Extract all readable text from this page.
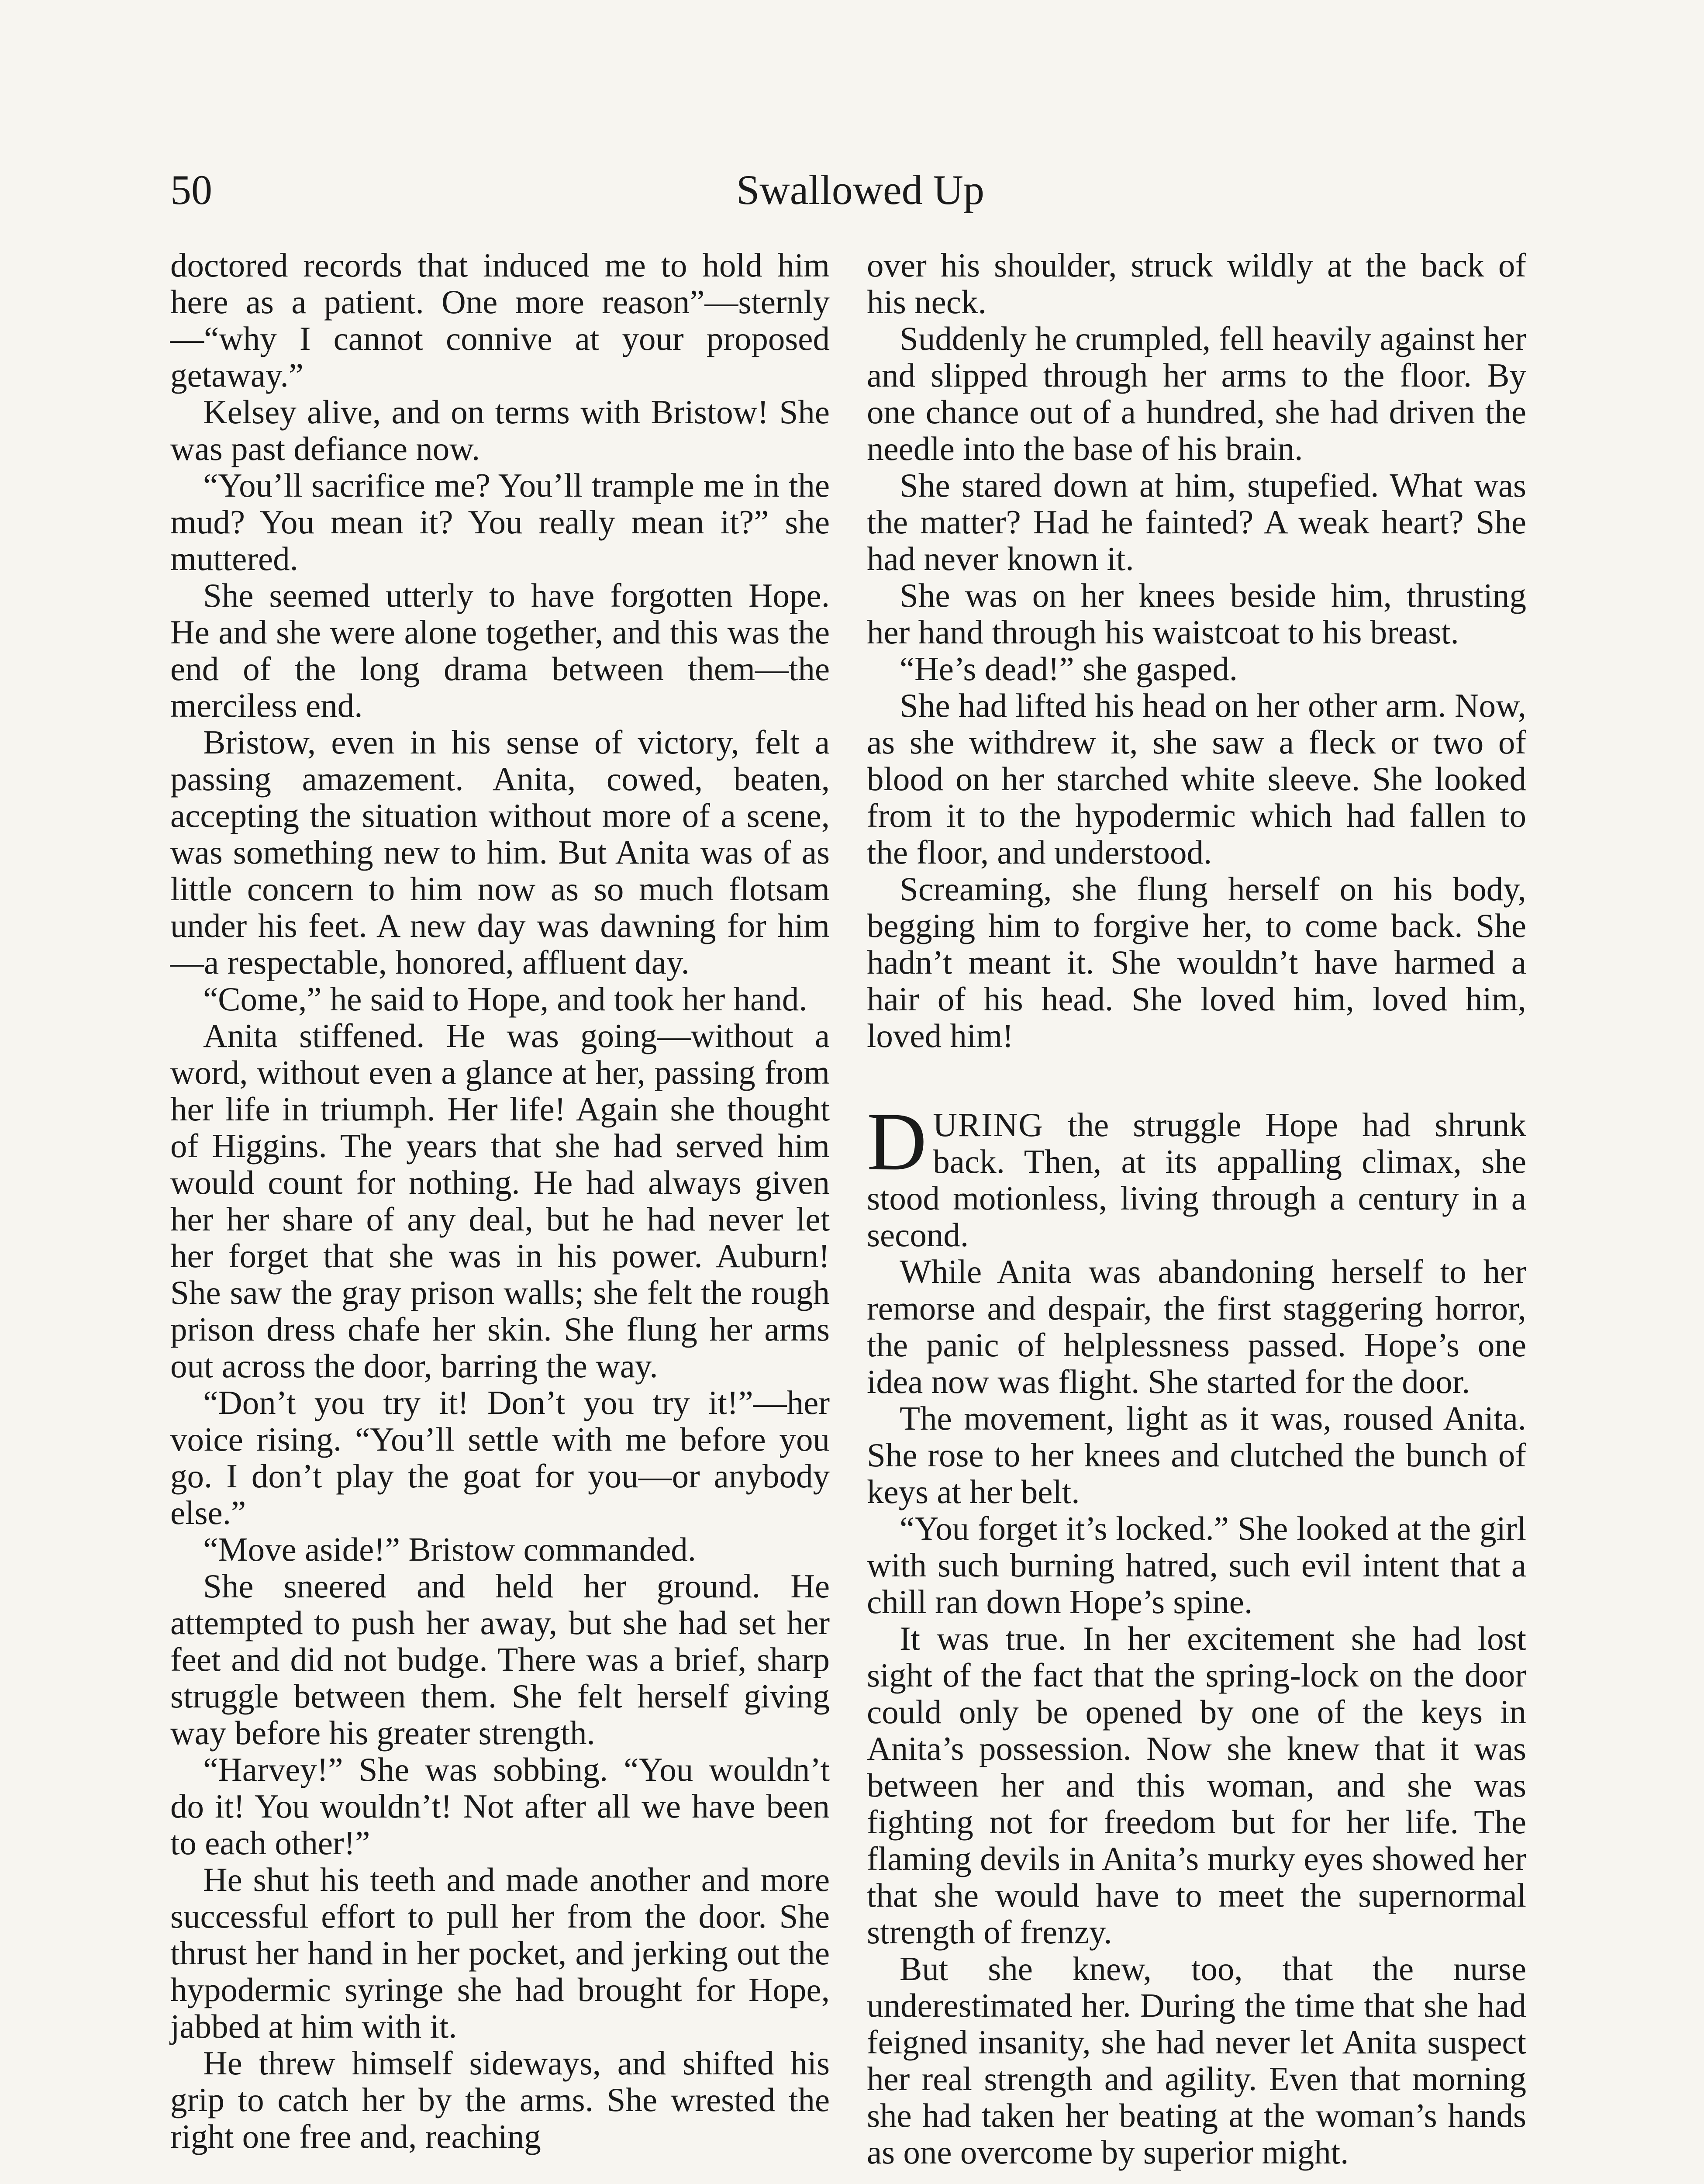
50	Swallowed Up

doctored records that induced me to hold him here as a patient. One more reason”—sternly—“why I cannot connive at your proposed getaway.”

Kelsey alive, and on terms with Bristow! She was past defiance now.

“You’ll sacrifice me? You’ll trample me in the mud? You mean it? You really mean it?” she muttered.

She seemed utterly to have forgotten Hope. He and she were alone together, and this was the end of the long drama between them—the merciless end.

Bristow, even in his sense of victory, felt a passing amazement. Anita, cowed, beaten, accepting the situation without more of a scene, was something new to him. But Anita was of as little concern to him now as so much flotsam under his feet. A new day was dawning for him—a respectable, honored, affluent day.

“Come,” he said to Hope, and took her hand.

Anita stiffened. He was going—without a word, without even a glance at her, passing from her life in triumph. Her life! Again she thought of Higgins. The years that she had served him would count for nothing. He had always given her her share of any deal, but he had never let her forget that she was in his power. Auburn! She saw the gray prison walls; she felt the rough prison dress chafe her skin. She flung her arms out across the door, barring the way.

“Don’t you try it! Don’t you try it!”—her voice rising. “You’ll settle with me before you go. I don’t play the goat for you—or anybody else.”

“Move aside!” Bristow commanded.

She sneered and held her ground. He attempted to push her away, but she had set her feet and did not budge. There was a brief, sharp struggle between them. She felt herself giving way before his greater strength.

“Harvey!” She was sobbing. “You wouldn’t do it! You wouldn’t! Not after all we have been to each other!”

He shut his teeth and made another and more successful effort to pull her from the door. She thrust her hand in her pocket, and jerking out the hypodermic syringe she had brought for Hope, jabbed at him with it.

He threw himself sideways, and shifted his grip to catch her by the arms. She wrested the right one free and, reaching

over his shoulder, struck wildly at the back of his neck.

Suddenly he crumpled, fell heavily against her and slipped through her arms to the floor. By one chance out of a hundred, she had driven the needle into the base of his brain.

She stared down at him, stupefied. What was the matter? Had he fainted? A weak heart? She had never known it.

She was on her knees beside him, thrusting her hand through his waistcoat to his breast.

“He’s dead!” she gasped.

She had lifted his head on her other arm. Now, as she withdrew it, she saw a fleck or two of blood on her starched white sleeve. She looked from it to the hypodermic which had fallen to the floor, and understood.

Screaming, she flung herself on his body, begging him to forgive her, to come back. She hadn’t meant it. She wouldn’t have harmed a hair of his head. She loved him, loved him, loved him!

DURING the struggle Hope had shrunk back. Then, at its appalling climax, she stood motionless, living through a century in a second.

While Anita was abandoning herself to her remorse and despair, the first staggering horror, the panic of helplessness passed. Hope’s one idea now was flight. She started for the door.

The movement, light as it was, roused Anita. She rose to her knees and clutched the bunch of keys at her belt.

“You forget it’s locked.” She looked at the girl with such burning hatred, such evil intent that a chill ran down Hope’s spine.

It was true. In her excitement she had lost sight of the fact that the spring-lock on the door could only be opened by one of the keys in Anita’s possession. Now she knew that it was between her and this woman, and she was fighting not for freedom but for her life. The flaming devils in Anita’s murky eyes showed her that she would have to meet the supernormal strength of frenzy.

But she knew, too, that the nurse underestimated her. During the time that she had feigned insanity, she had never let Anita suspect her real strength and agility. Even that morning she had taken her beating at the woman’s hands as one overcome by superior might.
